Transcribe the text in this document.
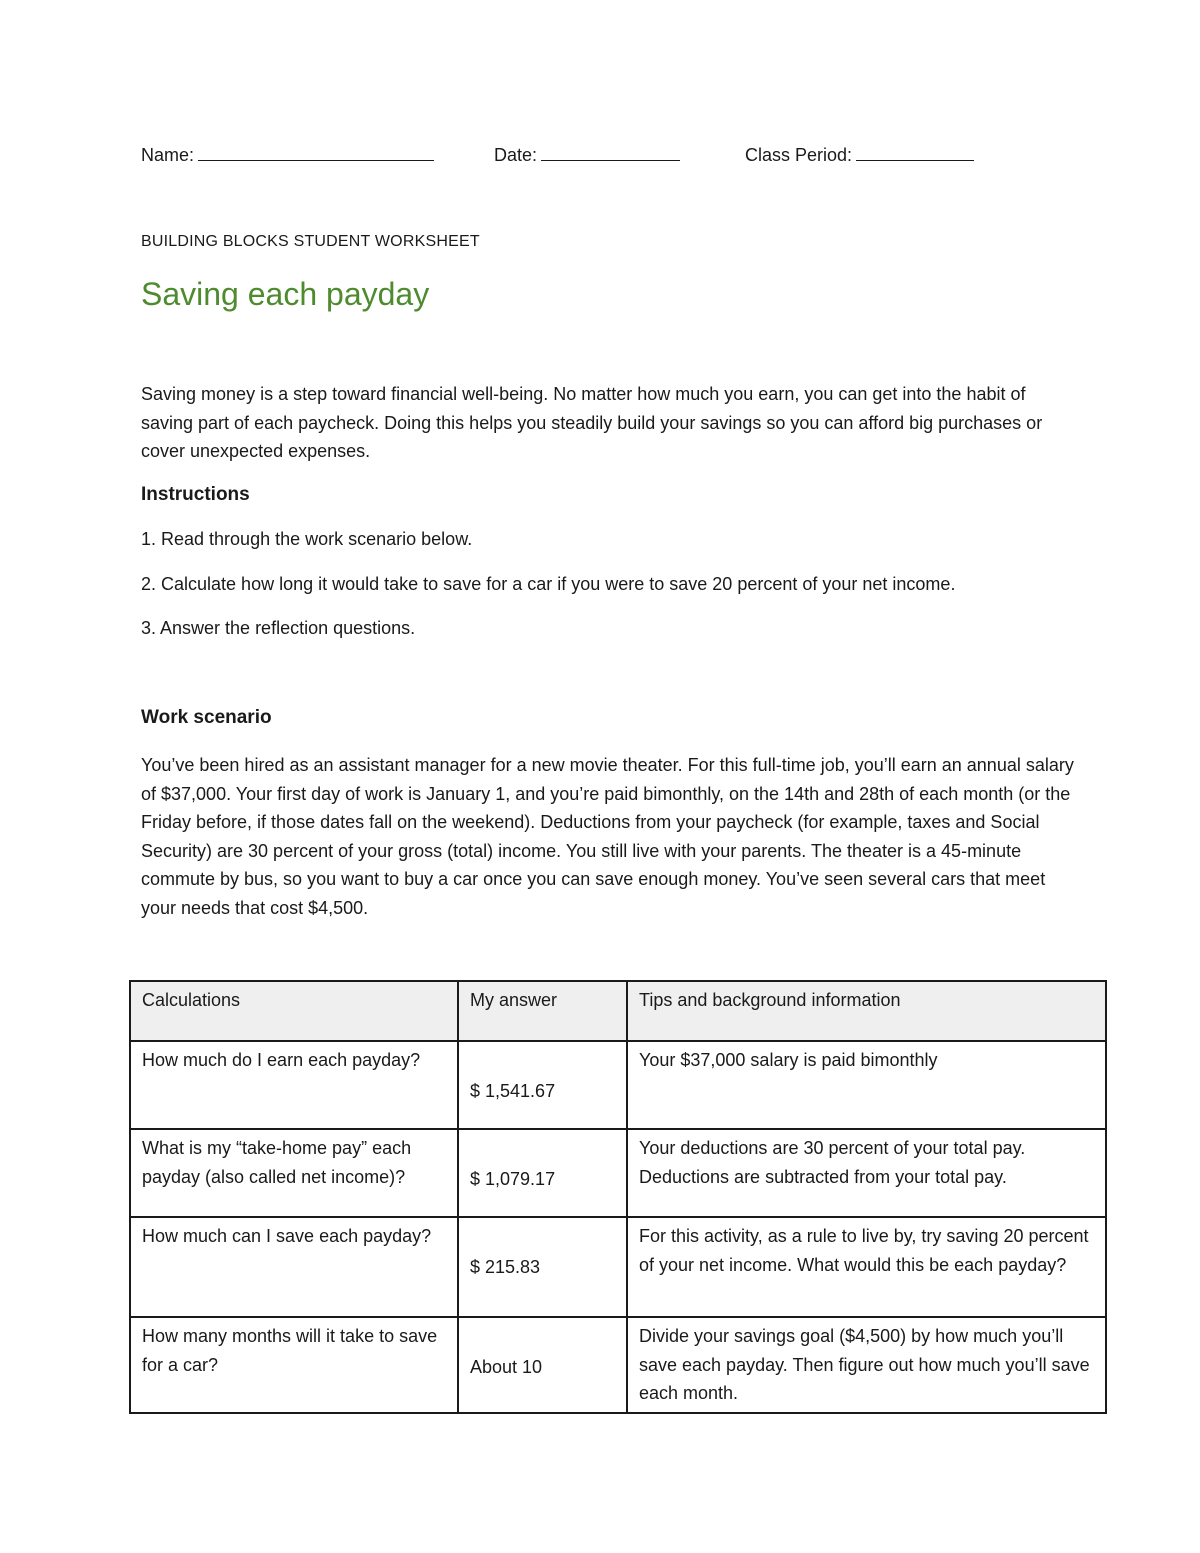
Name:	Date:	Class Period:
BUILDING BLOCKS STUDENT WORKSHEET
Saving each payday

Saving money is a step toward financial well-being. No matter how much you earn, you can get into the habit of saving part of each paycheck. Doing this helps you steadily build your savings so you can afford big purchases or cover unexpected expenses.

Instructions

1. Read through the work scenario below.

2. Calculate how long it would take to save for a car if you were to save 20 percent of your net income.

3. Answer the reflection questions.

Work scenario

You’ve been hired as an assistant manager for a new movie theater. For this full-time job, you’ll earn an annual salary of $37,000. Your first day of work is January 1, and you’re paid bimonthly, on the 14th and 28th of each month (or the Friday before, if those dates fall on the weekend). Deductions from your paycheck (for example, taxes and Social Security) are 30 percent of your gross (total) income. You still live with your parents. The theater is a 45-minute commute by bus, so you want to buy a car once you can save enough money. You’ve seen several cars that meet your needs that cost $4,500.

Calculations	My answer	Tips and background information
How much do I earn each payday?	$ 1,541.67	Your $37,000 salary is paid bimonthly
What is my “take-home pay” each payday (also called net income)?	$ 1,079.17	Your deductions are 30 percent of your total pay. Deductions are subtracted from your total pay.
How much can I save each payday?	$ 215.83	For this activity, as a rule to live by, try saving 20 percent of your net income. What would this be each payday?
How many months will it take to save for a car?	About 10	Divide your savings goal ($4,500) by how much you’ll save each payday. Then figure out how much you’ll save each month.
